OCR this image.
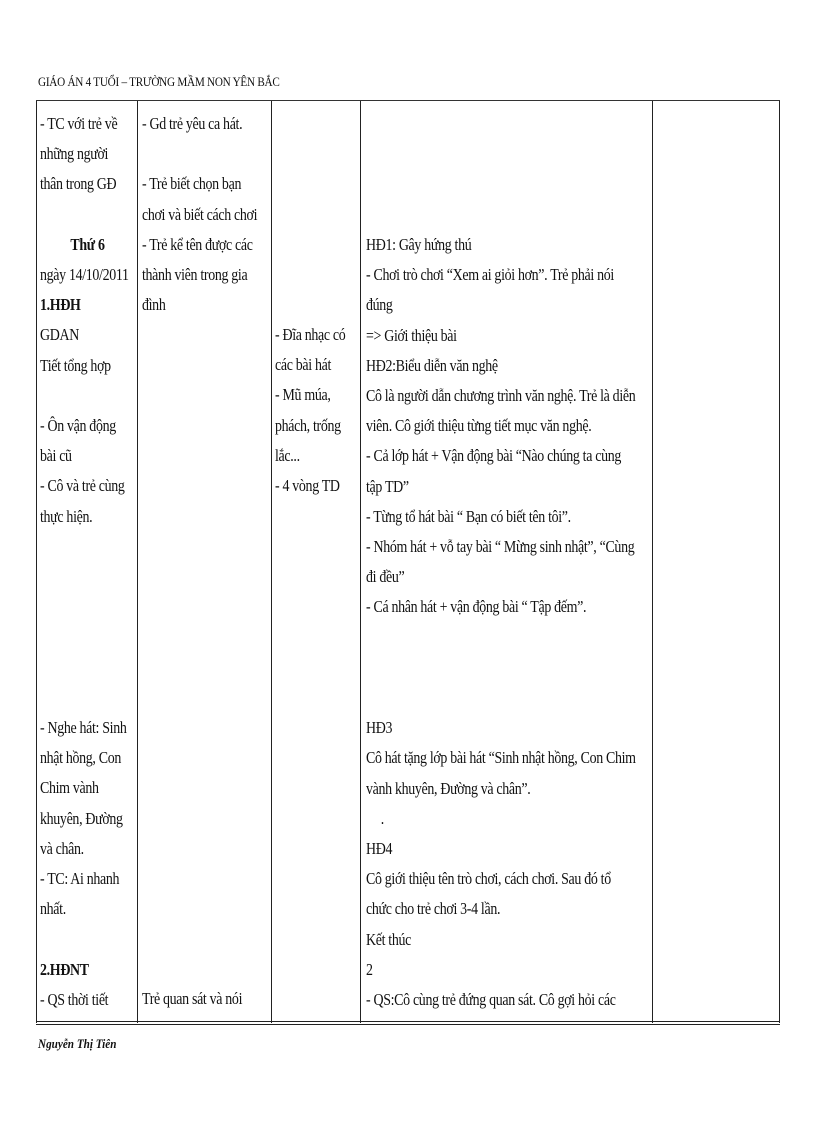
GIÁO ÁN 4 TUỔI – TRƯỜNG MẦM NON YÊN BẮC
- TC với trẻ về
những người
thân trong GĐ
Thứ 6
ngày 14/10/2011
1.HĐH
GDAN
Tiết tổng hợp
- Ôn vận động
bài cũ
- Cô và trẻ cùng
thực hiện.
- Nghe hát: Sinh
nhật hồng, Con
Chim vành
khuyên, Đường
và chân.
- TC: Ai nhanh
nhất.
2.HĐNT
- QS thời tiết
- Gd trẻ yêu ca hát.
- Trẻ biết chọn bạn
chơi và biết cách chơi
- Trẻ kể tên được các
thành viên trong gia
đình
Trẻ quan sát và nói
- Đĩa nhạc có
các bài hát
- Mũ múa,
phách, trống
lắc...
- 4 vòng TD
HĐ1: Gây hứng thú
- Chơi trò chơi “Xem ai giỏi hơn”. Trẻ phải nói
đúng
=> Giới thiệu bài
HĐ2:Biểu diễn văn nghệ
Cô là người dẫn chương trình văn nghệ. Trẻ là diễn
viên. Cô giới thiệu từng tiết mục văn nghệ.
- Cả lớp hát + Vận động bài “Nào chúng ta cùng
tập TD”
- Từng tổ hát bài “ Bạn có biết tên tôi”.
- Nhóm hát + vỗ tay bài “ Mừng sinh nhật”, “Cùng
đi đều”
- Cá nhân hát + vận động bài “ Tập đếm”.
HĐ3
Cô hát tặng lớp bài hát “Sinh nhật hồng, Con Chim
vành khuyên, Đường và chân”.
.
HĐ4
Cô giới thiệu tên trò chơi, cách chơi. Sau đó tổ
chức cho trẻ chơi 3-4 lần.
Kết thúc
2
- QS:Cô cùng trẻ đứng quan sát. Cô gợi hỏi các
Nguyễn Thị Tiên
